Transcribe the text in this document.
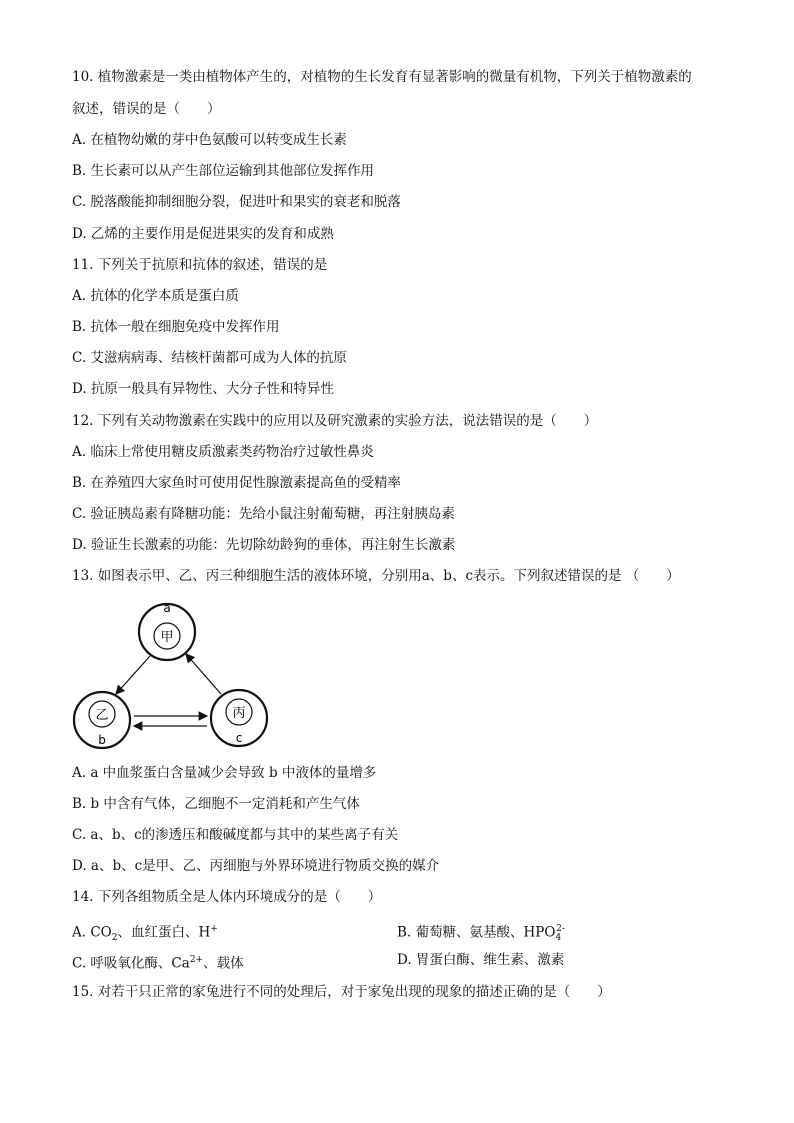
10. 植物激素是一类由植物体产生的，对植物的生长发育有显著影响的微量有机物，下列关于植物激素的
叙述，错误的是（　　）
A. 在植物幼嫩的芽中色氨酸可以转变成生长素
B. 生长素可以从产生部位运输到其他部位发挥作用
C. 脱落酸能抑制细胞分裂，促进叶和果实的衰老和脱落
D. 乙烯的主要作用是促进果实的发育和成熟
11. 下列关于抗原和抗体的叙述，错误的是
A. 抗体的化学本质是蛋白质
B. 抗体一般在细胞免疫中发挥作用
C. 艾滋病病毒、结核杆菌都可成为人体的抗原
D. 抗原一般具有异物性、大分子性和特异性
12. 下列有关动物激素在实践中的应用以及研究激素的实验方法，说法错误的是（　　）
A. 临床上常使用糖皮质激素类药物治疗过敏性鼻炎
B. 在养殖四大家鱼时可使用促性腺激素提高鱼的受精率
C. 验证胰岛素有降糖功能：先给小鼠注射葡萄糖，再注射胰岛素
D. 验证生长激素的功能：先切除幼龄狗的垂体，再注射生长激素
13. 如图表示甲、乙、丙三种细胞生活的液体环境，分别用a、b、c表示。下列叙述错误的是 （　　）
a
甲
乙
b
丙
c
A. a 中血浆蛋白含量减少会导致 b 中液体的量增多
B. b 中含有气体，乙细胞不一定消耗和产生气体
C. a、b、c的渗透压和酸碱度都与其中的某些离子有关
D. a、b、c是甲、乙、丙细胞与外界环境进行物质交换的媒介
14. 下列各组物质全是人体内环境成分的是（　　）
A. $CO_2$、血红蛋白、H+	B. 葡萄糖、氨基酸、$HPO_4^{2-}$
C. 呼吸氧化酶、$Ca^{2+}$、载体	D. 胃蛋白酶、维生素、激素
15. 对若干只正常的家兔进行不同的处理后，对于家兔出现的现象的描述正确的是（　　）
